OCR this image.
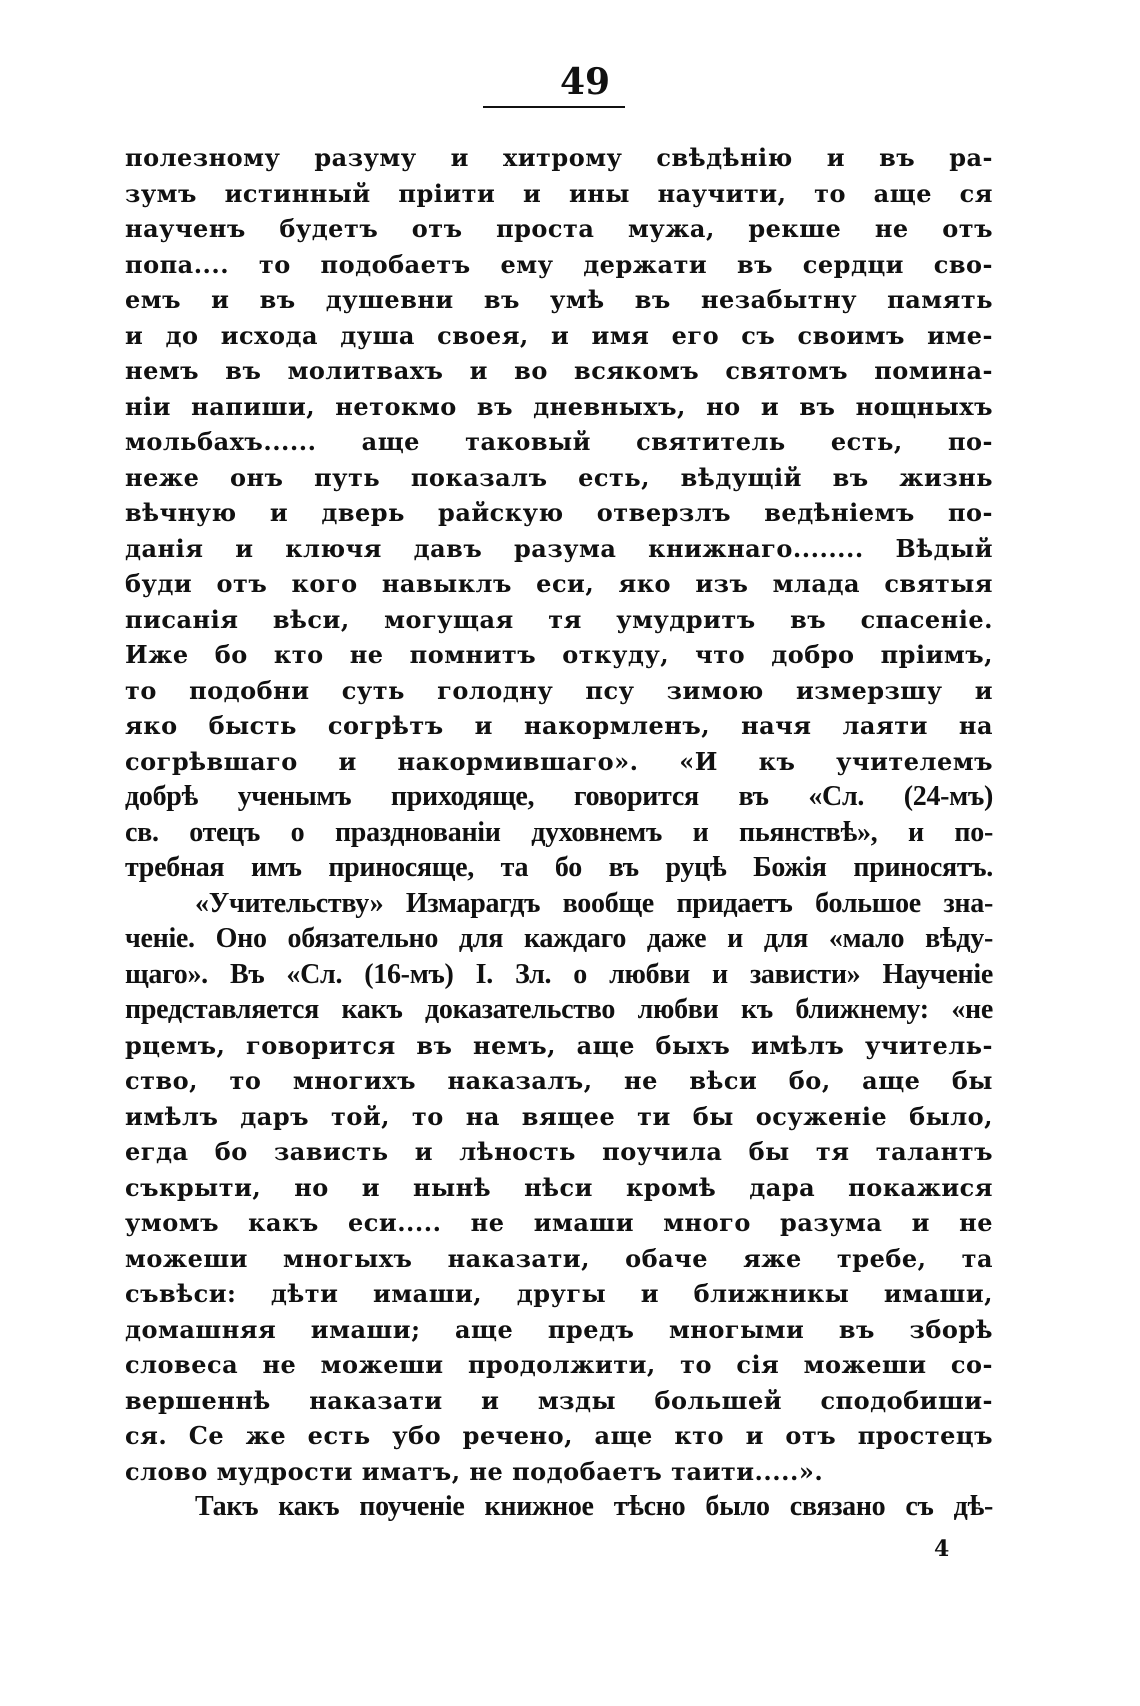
49
полезному разуму и хитрому свѣдѣнію и въ ра-
зумъ истинный пріити и ины научити, то аще ся
наученъ будетъ отъ проста мужа, рекше не отъ
попа.... то подобаетъ ему держати въ сердци сво-
емъ и въ душевни въ умѣ въ незабытну память
и до исхода душа своея, и имя его съ своимъ име-
немъ въ молитвахъ и во всякомъ святомъ помина-
ніи напиши, нетокмо въ дневныхъ, но и въ нощныхъ
мольбахъ...... аще таковый святитель есть, по-
неже онъ путь показалъ есть, вѣдущій въ жизнь
вѣчную и дверь райскую отверзлъ ведѣніемъ по-
данія и ключя давъ разума книжнаго........ Вѣдый
буди отъ кого навыклъ еси, яко изъ млада святыя
писанія вѣси, могущая тя умудритъ въ спасеніе.
Иже бо кто не помнитъ откуду, что добро пріимъ,
то подобни суть голодну псу зимою измерзшу и
яко бысть согрѣтъ и накормленъ, начя лаяти на
согрѣвшаго и накормившаго». «И къ учителемъ
добрѣ ученымъ приходяще, говорится въ «Сл. (24-мъ)
св. отецъ о празднованіи духовнемъ и пьянствѣ», и по-
требная имъ приносяще, та бо въ руцѣ Божія приносятъ.
«Учительству» Измарагдъ вообще придаетъ большое зна-
ченіе. Оно обязательно для каждаго даже и для «мало вѣду-
щаго». Въ «Сл. (16-мъ) I. Зл. о любви и зависти» Наученіе
представляется какъ доказательство любви къ ближнему: «не
рцемъ, говорится въ немъ, аще быхъ имѣлъ учитель-
ство, то многихъ наказалъ, не вѣси бо, аще бы
имѣлъ даръ той, то на вящее ти бы осуженіе было,
егда бо зависть и лѣность поучила бы тя талантъ
съкрыти, но и нынѣ нѣси кромѣ дара покажися
умомъ какъ еси..... не имаши много разума и не
можеши многыхъ наказати, обаче яже требе, та
съвѣси: дѣти имаши, другы и ближникы имаши,
домашняя имаши; аще предъ многыми въ зборѣ
словеса не можеши продолжити, то сія можеши со-
вершеннѣ наказати и мзды большей сподобиши-
ся. Се же есть убо речено, аще кто и отъ простецъ
слово мудрости иматъ, не подобаетъ таити.....».
Такъ какъ поученіе книжное тѣсно было связано съ дѣ-
4
